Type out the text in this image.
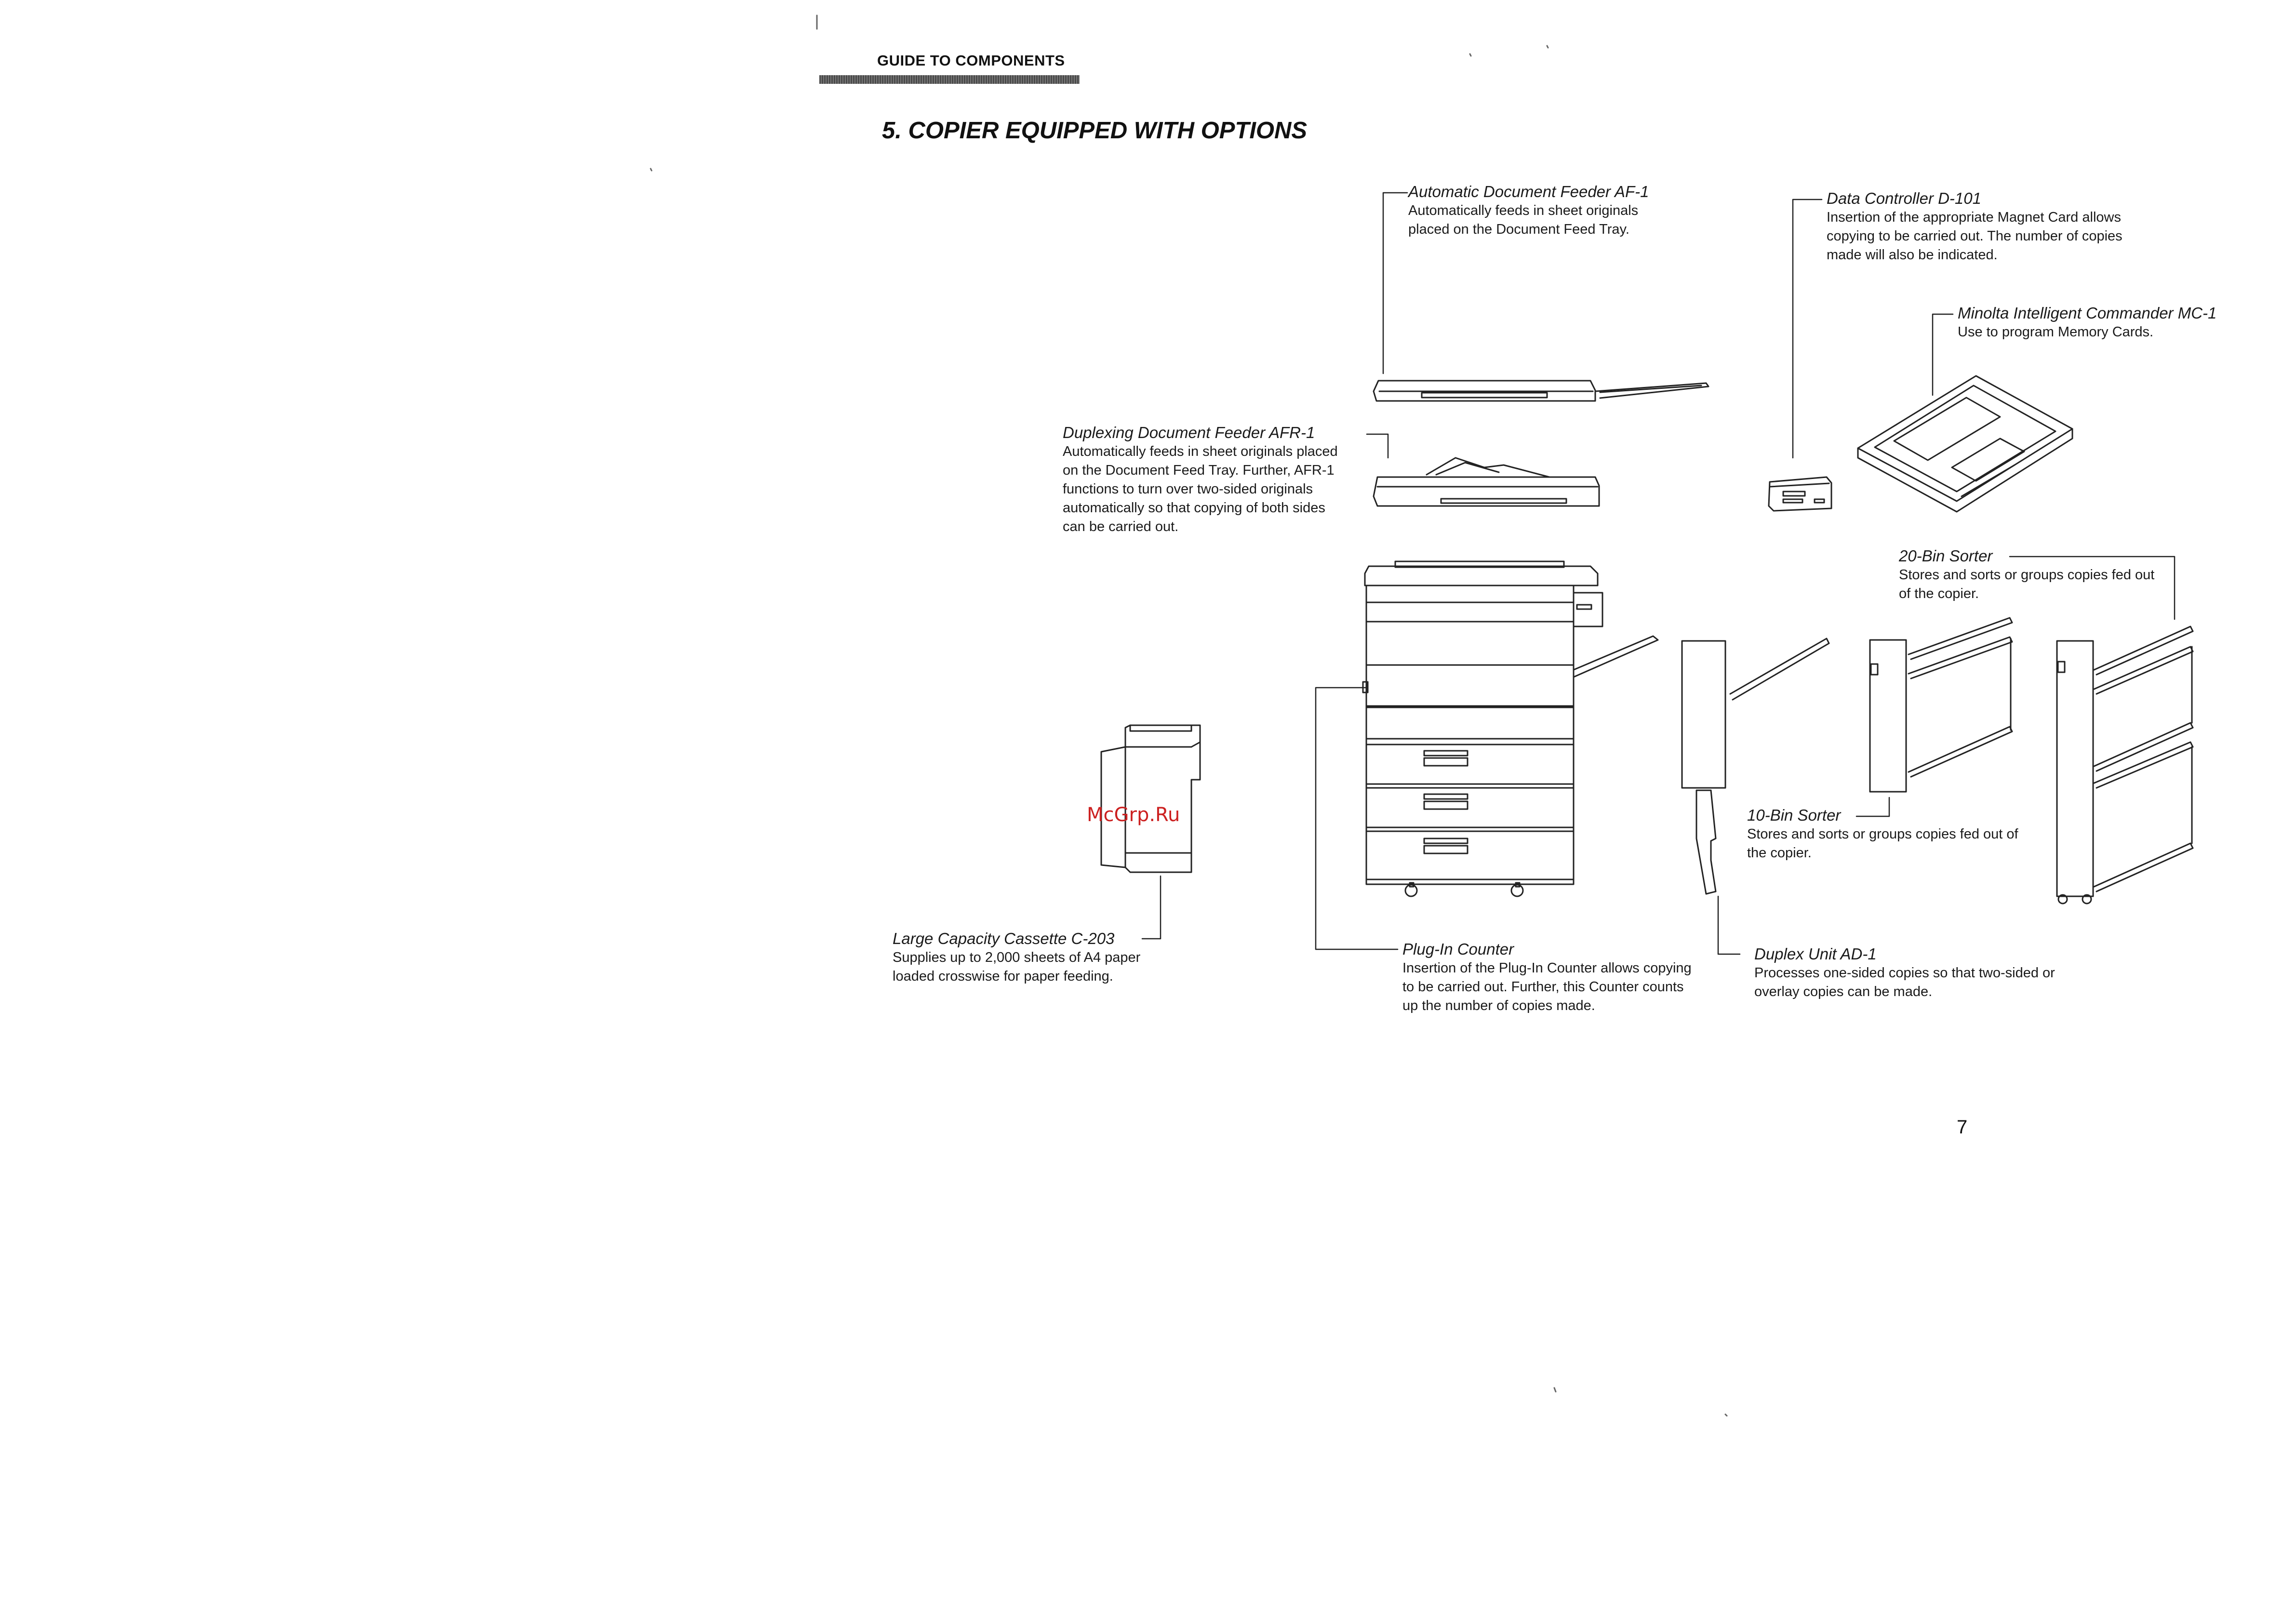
GUIDE TO COMPONENTS
5. COPIER EQUIPPED WITH OPTIONS
Automatic Document Feeder AF-1
Automatically feeds in sheet originals placed on the Document Feed Tray.
Data Controller D-101
Insertion of the appropriate Magnet Card allows copying to be carried out. The number of copies made will also be indicated.
Minolta Intelligent Commander MC-1
Use to program Memory Cards.
Duplexing Document Feeder AFR-1
Automatically feeds in sheet originals placed on the Document Feed Tray. Further, AFR-1 functions to turn over two-sided originals automatically so that copying of both sides can be carried out.
20-Bin Sorter
Stores and sorts or groups copies fed out of the copier.
10-Bin Sorter
Stores and sorts or groups copies fed out of the copier.
Large Capacity Cassette C-203
Supplies up to 2,000 sheets of A4 paper loaded crosswise for paper feeding.
Plug-In Counter
Insertion of the Plug-In Counter allows copying to be carried out. Further, this Counter counts up the number of copies made.
Duplex Unit AD-1
Processes one-sided copies so that two-sided or overlay copies can be made.
McGrp.Ru
7
